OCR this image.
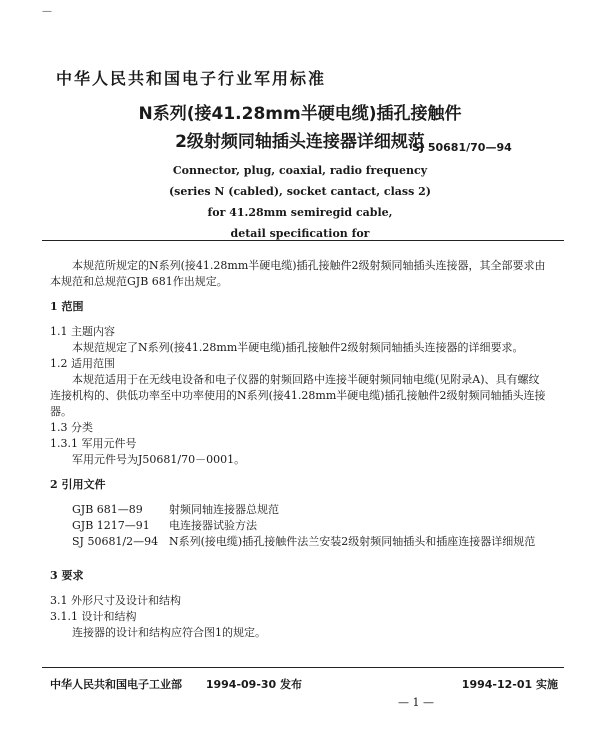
—
中华人民共和国电子行业军用标准
N系列(接41.28mm半硬电缆)插孔接触件
2级射频同轴插头连接器详细规范
SJ 50681/70—94
Connector, plug, coaxial, radio frequency
(series N (cabled), socket cantact, class 2)
for 41.28mm semiregid cable,
detail specification for

本规范所规定的N系列(接41.28mm半硬电缆)插孔接触件2级射频同轴插头连接器，其全部要求由本规范和总规范GJB 681作出规定。

1 范围

1.1 主题内容

本规范规定了N系列(接41.28mm半硬电缆)插孔接触件2级射频同轴插头连接器的详细要求。

1.2 适用范围

本规范适用于在无线电设备和电子仪器的射频回路中连接半硬射频同轴电缆(见附录A)、具有螺纹连接机构的、供低功率至中功率使用的N系列(接41.28mm半硬电缆)插孔接触件2级射频同轴插头连接器。

1.3 分类

1.3.1 军用元件号

军用元件号为J50681/70－0001。

2 引用文件

GJB 681—89	射频同轴连接器总规范
GJB 1217—91	电连接器试验方法
SJ 50681/2—94 N系列(接电缆)插孔接触件法兰安装2级射频同轴插头和插座连接器详细规范

3 要求

3.1 外形尺寸及设计和结构

3.1.1 设计和结构

连接器的设计和结构应符合图1的规定。

中华人民共和国电子工业部 1994-09-30 发布	1994-12-01 实施
— 1 —
